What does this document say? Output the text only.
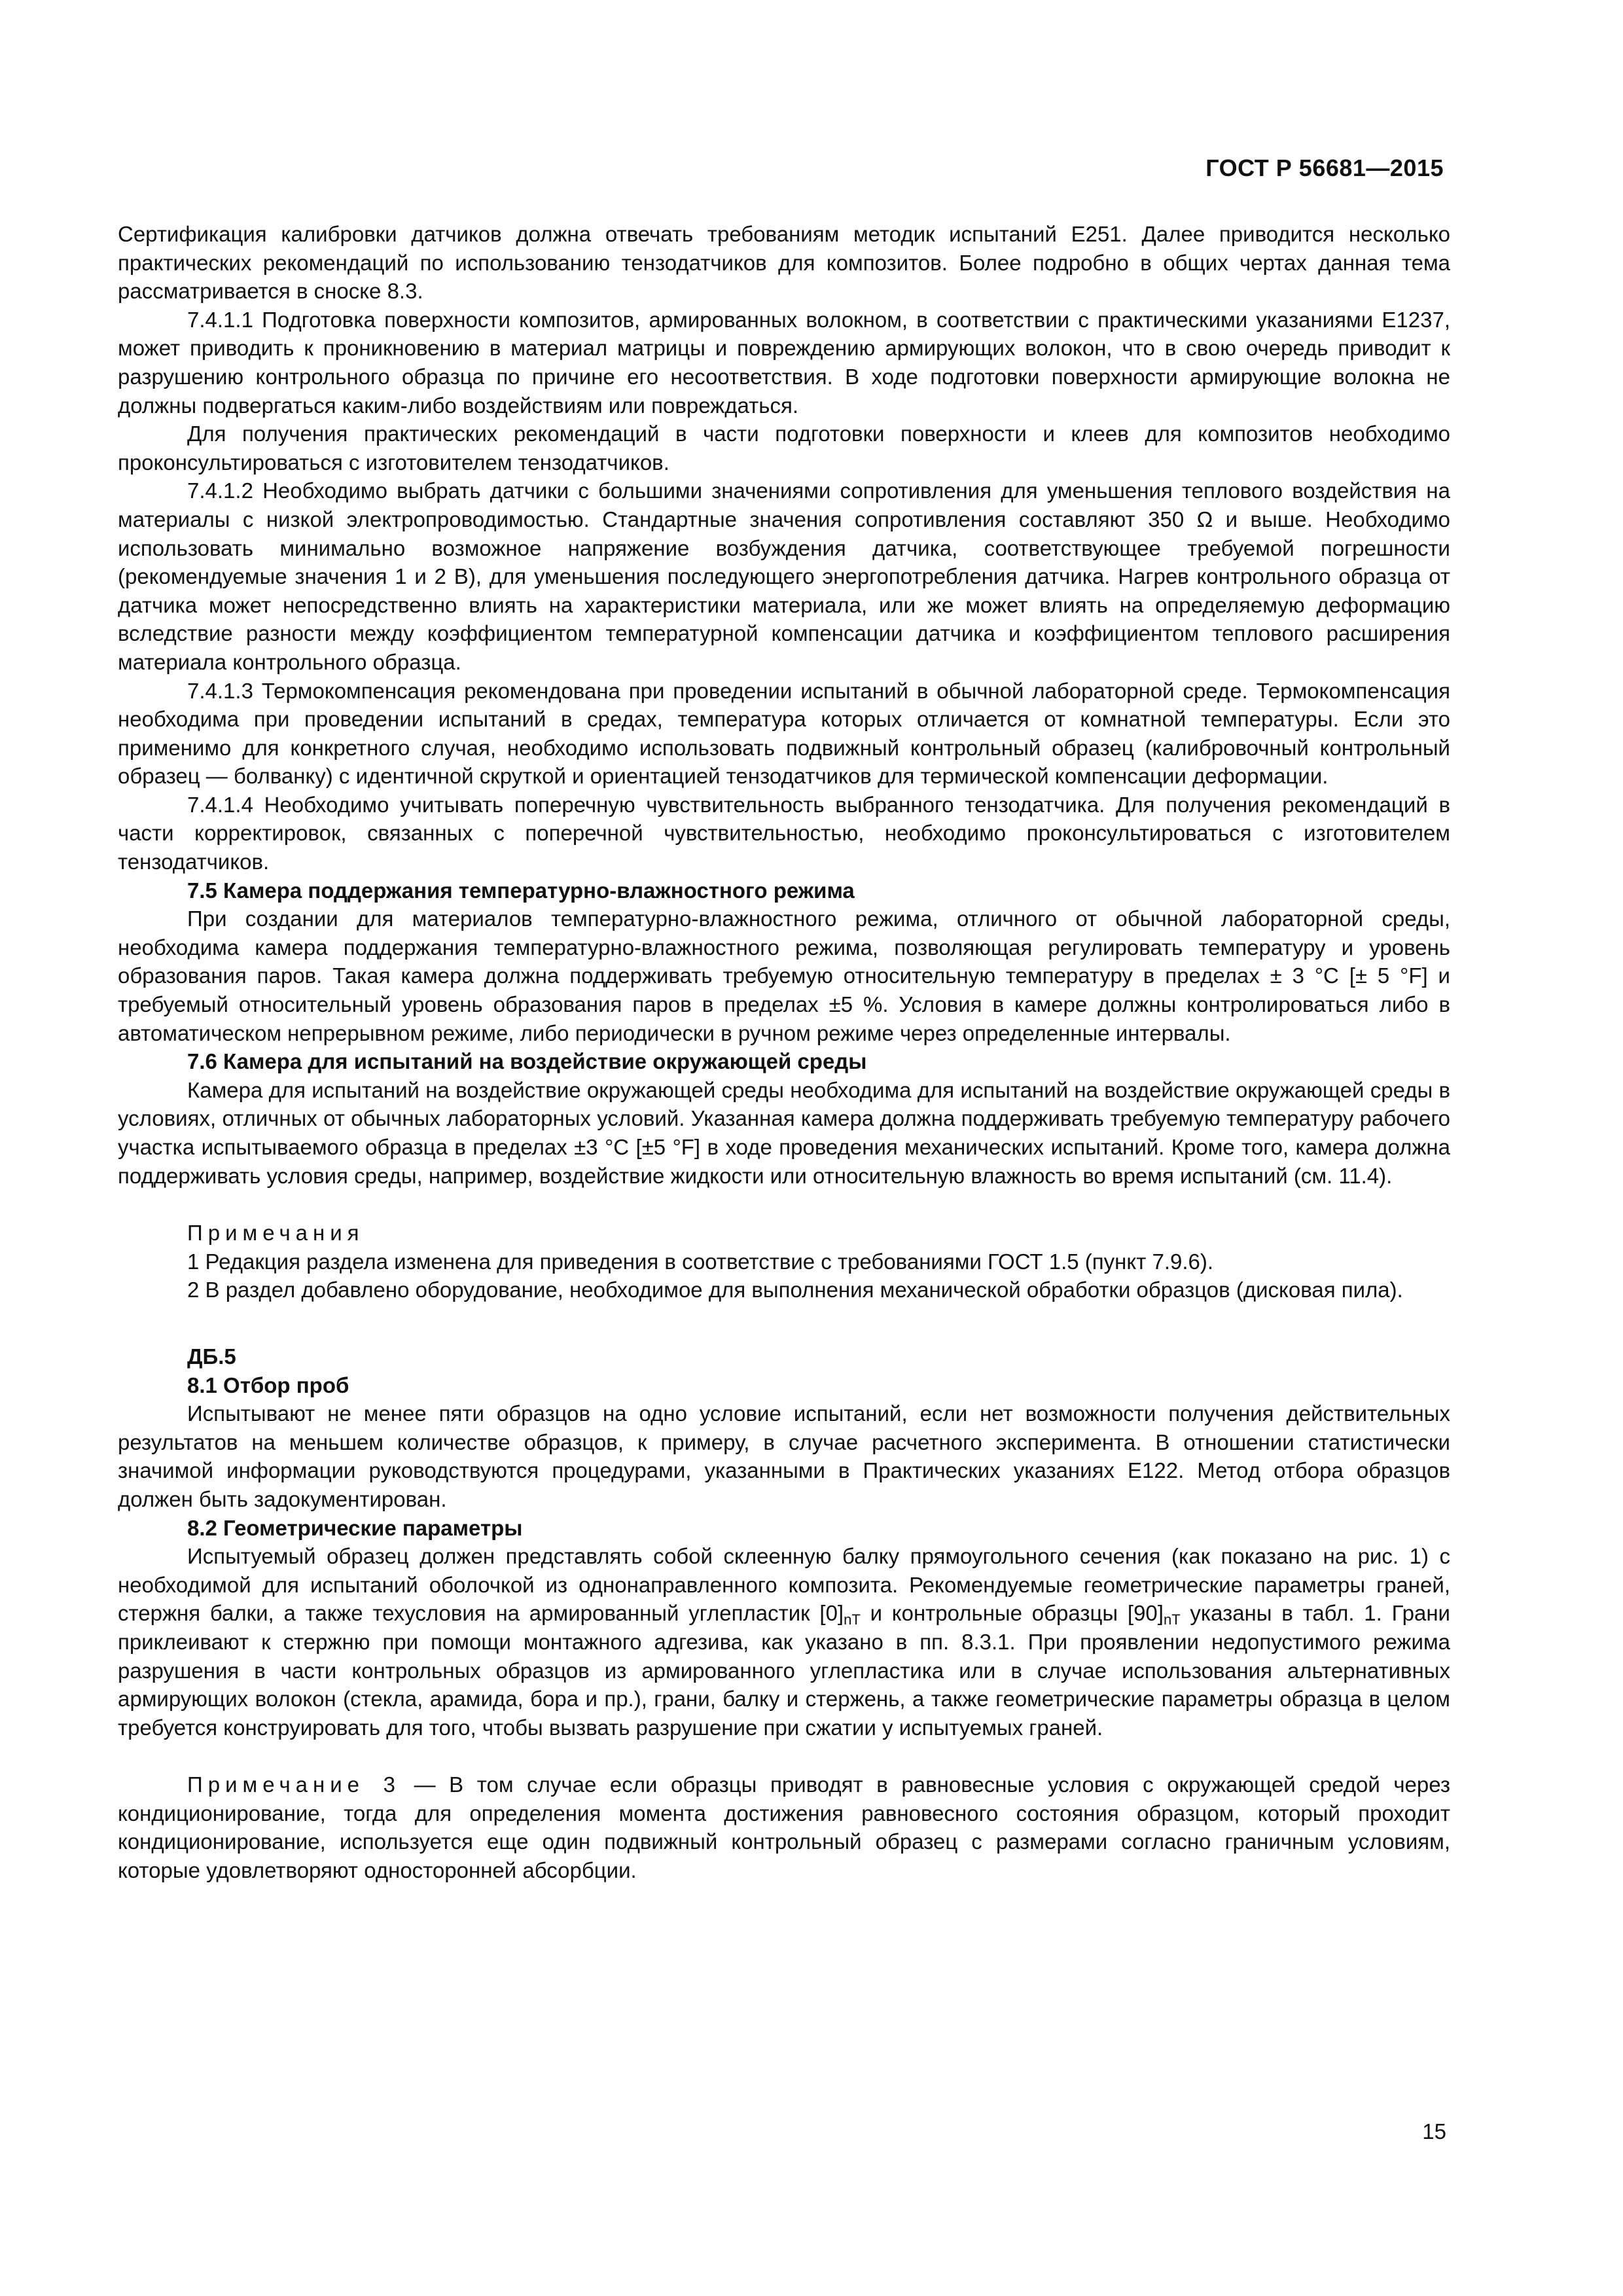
ГОСТ Р 56681—2015

Сертификация калибровки датчиков должна отвечать требованиям методик испытаний E251. Далее приводится несколько практических рекомендаций по использованию тензодатчиков для композитов. Более подробно в общих чертах данная тема рассматривается в сноске 8.3.

7.4.1.1 Подготовка поверхности композитов, армированных волокном, в соответствии с практическими указаниями E1237, может приводить к проникновению в материал матрицы и повреждению армирующих волокон, что в свою очередь приводит к разрушению контрольного образца по причине его несоответствия. В ходе подготовки поверхности армирующие волокна не должны подвергаться каким-либо воздействиям или повреждаться.

Для получения практических рекомендаций в части подготовки поверхности и клеев для композитов необходимо проконсультироваться с изготовителем тензодатчиков.

7.4.1.2 Необходимо выбрать датчики с большими значениями сопротивления для уменьшения теплового воздействия на материалы с низкой электропроводимостью. Стандартные значения сопротивления составляют 350 Ω и выше. Необходимо использовать минимально возможное напряжение возбуждения датчика, соответствующее требуемой погрешности (рекомендуемые значения 1 и 2 В), для уменьшения последующего энергопотребления датчика. Нагрев контрольного образца от датчика может непосредственно влиять на характеристики материала, или же может влиять на определяемую деформацию вследствие разности между коэффициентом температурной компенсации датчика и коэффициентом теплового расширения материала контрольного образца.

7.4.1.3 Термокомпенсация рекомендована при проведении испытаний в обычной лабораторной среде. Термокомпенсация необходима при проведении испытаний в средах, температура которых отличается от комнатной температуры. Если это применимо для конкретного случая, необходимо использовать подвижный контрольный образец (калибровочный контрольный образец — болванку) с идентичной скруткой и ориентацией тензодатчиков для термической компенсации деформации.

7.4.1.4 Необходимо учитывать поперечную чувствительность выбранного тензодатчика. Для получения рекомендаций в части корректировок, связанных с поперечной чувствительностью, необходимо проконсультироваться с изготовителем тензодатчиков.

7.5 Камера поддержания температурно-влажностного режима

При создании для материалов температурно-влажностного режима, отличного от обычной лабораторной среды, необходима камера поддержания температурно-влажностного режима, позволяющая регулировать температуру и уровень образования паров. Такая камера должна поддерживать требуемую относительную температуру в пределах ± 3 °C [± 5 °F] и требуемый относительный уровень образования паров в пределах ±5 %. Условия в камере должны контролироваться либо в автоматическом непрерывном режиме, либо периодически в ручном режиме через определенные интервалы.

7.6 Камера для испытаний на воздействие окружающей среды

Камера для испытаний на воздействие окружающей среды необходима для испытаний на воздействие окружающей среды в условиях, отличных от обычных лабораторных условий. Указанная камера должна поддерживать требуемую температуру рабочего участка испытываемого образца в пределах ±3 °C [±5 °F] в ходе проведения механических испытаний. Кроме того, камера должна поддерживать условия среды, например, воздействие жидкости или относительную влажность во время испытаний (см. 11.4).

Примечания

1 Редакция раздела изменена для приведения в соответствие с требованиями ГОСТ 1.5 (пункт 7.9.6).

2 В раздел добавлено оборудование, необходимое для выполнения механической обработки образцов (дисковая пила).

ДБ.5
8.1 Отбор проб

Испытывают не менее пяти образцов на одно условие испытаний, если нет возможности получения действительных результатов на меньшем количестве образцов, к примеру, в случае расчетного эксперимента. В отношении статистически значимой информации руководствуются процедурами, указанными в Практических указаниях E122. Метод отбора образцов должен быть задокументирован.

8.2 Геометрические параметры

Испытуемый образец должен представлять собой склеенную балку прямоугольного сечения (как показано на рис. 1) с необходимой для испытаний оболочкой из однонаправленного композита. Рекомендуемые геометрические параметры граней, стержня балки, а также техусловия на армированный углепластик $[0]_{nT}$ и контрольные образцы $[90]_{nT}$ указаны в табл. 1. Грани приклеивают к стержню при помощи монтажного адгезива, как указано в пп. 8.3.1. При проявлении недопустимого режима разрушения в части контрольных образцов из армированного углепластика или в случае использования альтернативных армирующих волокон (стекла, арамида, бора и пр.), грани, балку и стержень, а также геометрические параметры образца в целом требуется конструировать для того, чтобы вызвать разрушение при сжатии у испытуемых граней.

Примечание 3 — В том случае если образцы приводят в равновесные условия с окружающей средой через кондиционирование, тогда для определения момента достижения равновесного состояния образцом, который проходит кондиционирование, используется еще один подвижный контрольный образец с размерами согласно граничным условиям, которые удовлетворяют односторонней абсорбции.

15
